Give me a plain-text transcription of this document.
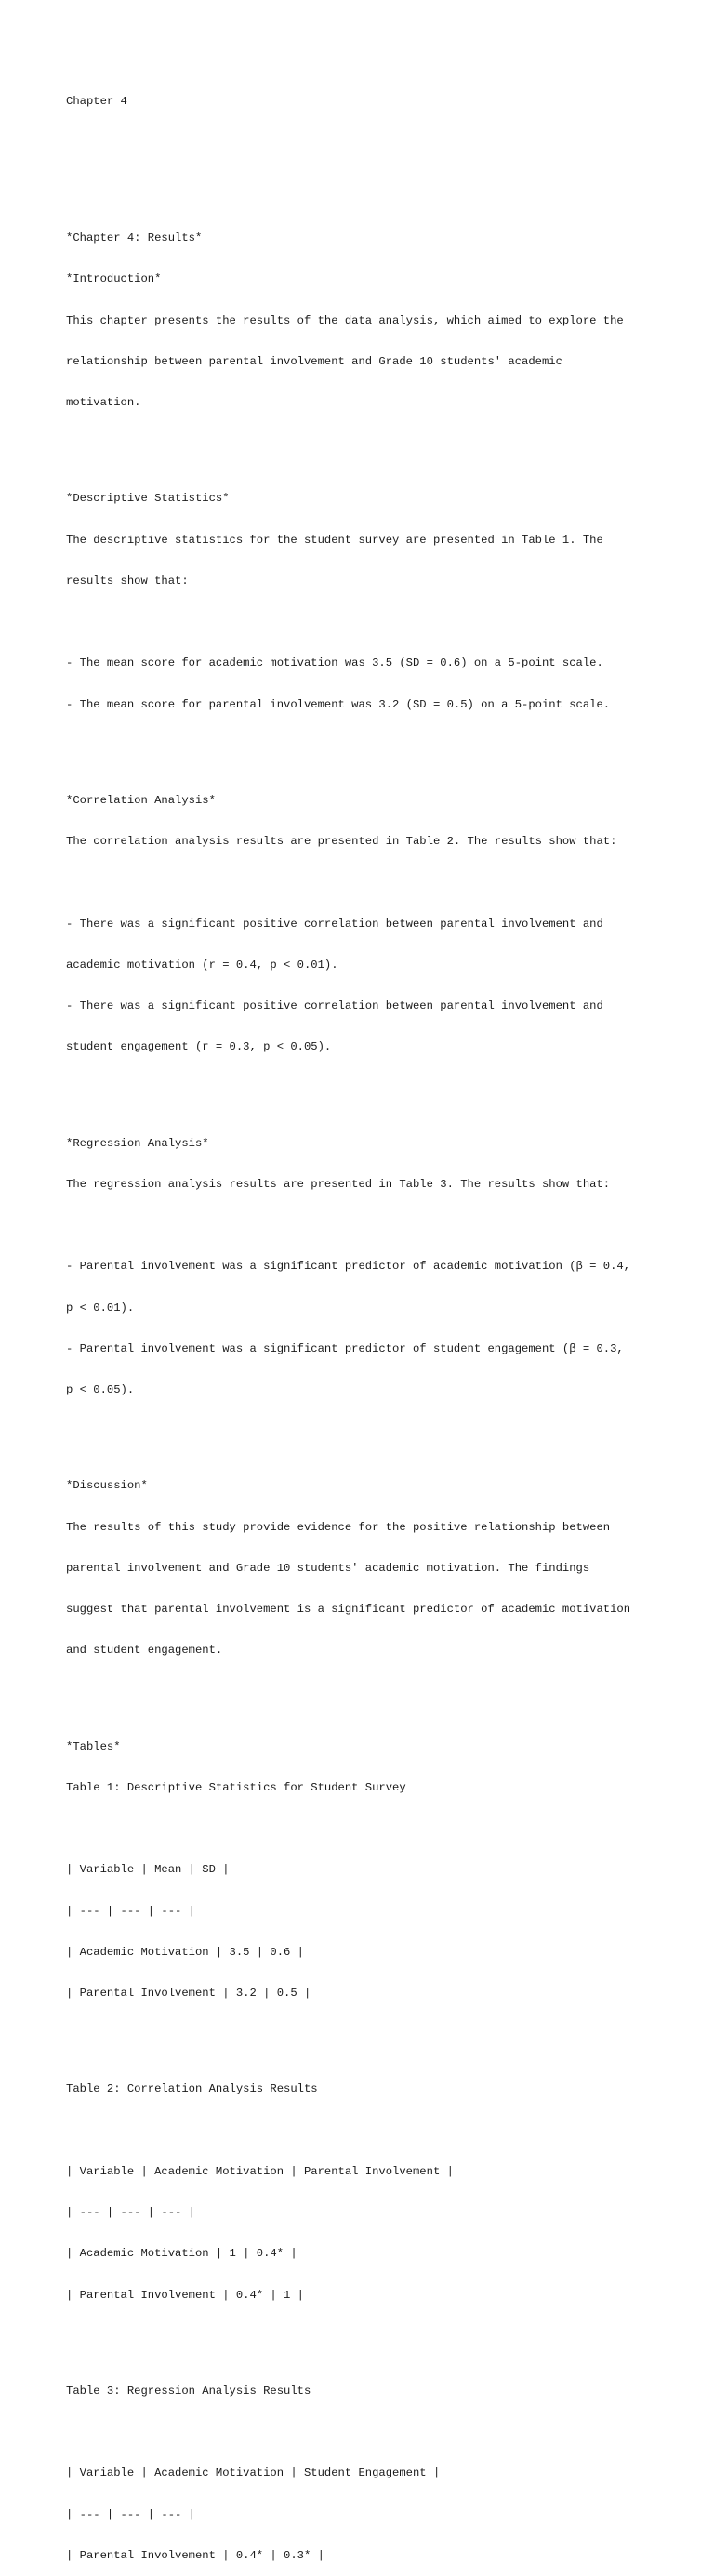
Chapter 4

*Chapter 4: Results*

*Introduction*

This chapter presents the results of the data analysis, which aimed to explore the

relationship between parental involvement and Grade 10 students' academic

motivation.

*Descriptive Statistics*

The descriptive statistics for the student survey are presented in Table 1. The

results show that:

- The mean score for academic motivation was 3.5 (SD = 0.6) on a 5-point scale.

- The mean score for parental involvement was 3.2 (SD = 0.5) on a 5-point scale.

*Correlation Analysis*

The correlation analysis results are presented in Table 2. The results show that:

- There was a significant positive correlation between parental involvement and

academic motivation (r = 0.4, p < 0.01).

- There was a significant positive correlation between parental involvement and

student engagement (r = 0.3, p < 0.05).

*Regression Analysis*

The regression analysis results are presented in Table 3. The results show that:

- Parental involvement was a significant predictor of academic motivation (β = 0.4,

p < 0.01).

- Parental involvement was a significant predictor of student engagement (β = 0.3,

p < 0.05).

*Discussion*

The results of this study provide evidence for the positive relationship between

parental involvement and Grade 10 students' academic motivation. The findings

suggest that parental involvement is a significant predictor of academic motivation

and student engagement.

*Tables*

Table 1: Descriptive Statistics for Student Survey

| Variable | Mean | SD |

| --- | --- | --- |

| Academic Motivation | 3.5 | 0.6 |

| Parental Involvement | 3.2 | 0.5 |

Table 2: Correlation Analysis Results

| Variable | Academic Motivation | Parental Involvement |

| --- | --- | --- |

| Academic Motivation | 1 | 0.4* |

| Parental Involvement | 0.4* | 1 |

Table 3: Regression Analysis Results

| Variable | Academic Motivation | Student Engagement |

| --- | --- | --- |

| Parental Involvement | 0.4* | 0.3* |
